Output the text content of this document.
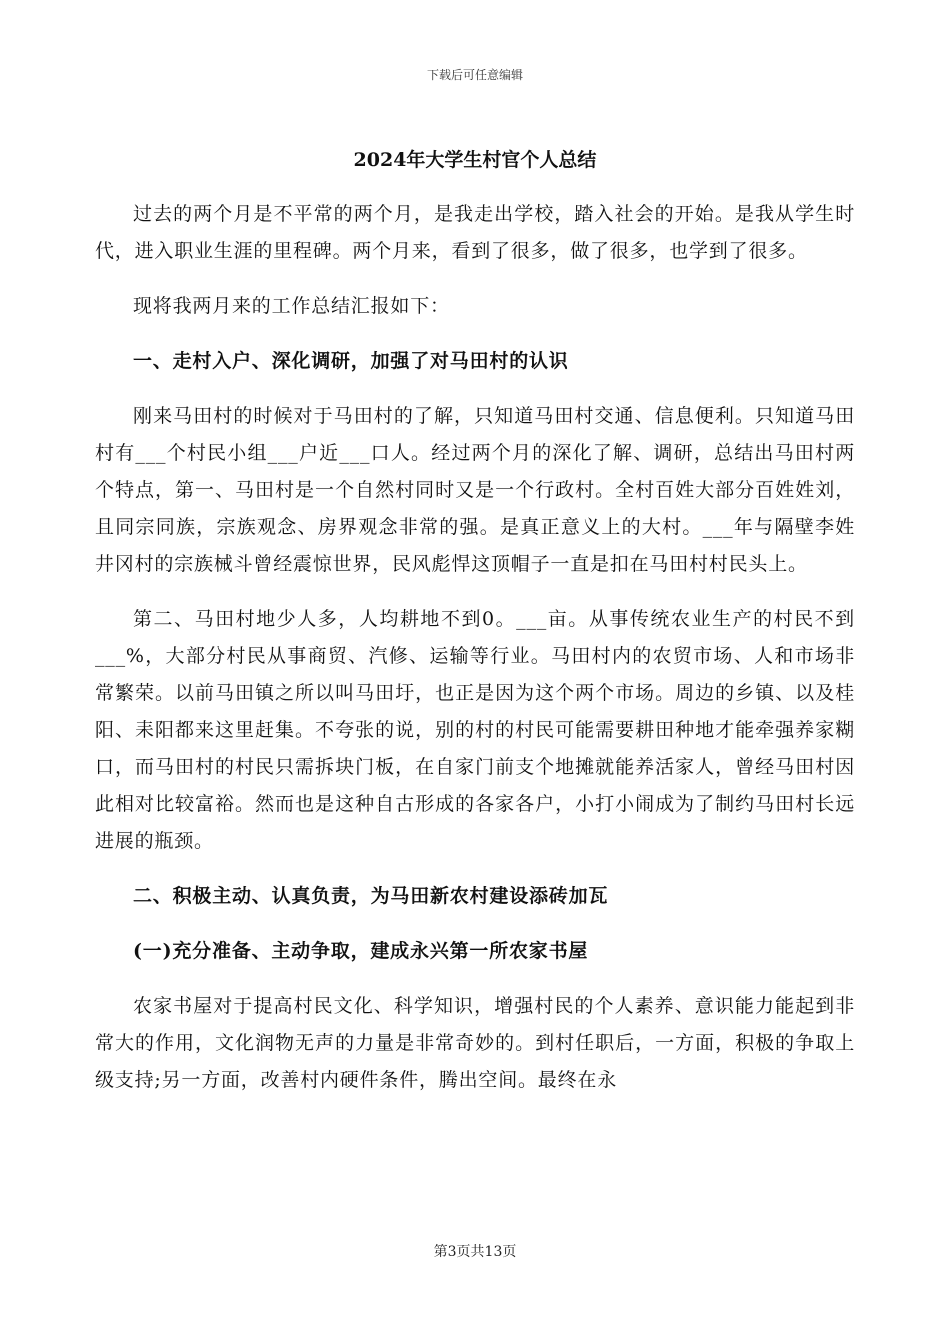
下载后可任意编辑
2024年大学生村官个人总结

过去的两个月是不平常的两个月，是我走出学校，踏入社会的开始。是我从学生时代，进入职业生涯的里程碑。两个月来，看到了很多，做了很多，也学到了很多。

现将我两月来的工作总结汇报如下：

一、走村入户、深化调研，加强了对马田村的认识

刚来马田村的时候对于马田村的了解，只知道马田村交通、信息便利。只知道马田村有___个村民小组___户近___口人。经过两个月的深化了解、调研，总结出马田村两个特点，第一、马田村是一个自然村同时又是一个行政村。全村百姓大部分百姓姓刘，且同宗同族，宗族观念、房界观念非常的强。是真正意义上的大村。___年与隔壁李姓井冈村的宗族械斗曾经震惊世界，民风彪悍这顶帽子一直是扣在马田村村民头上。

第二、马田村地少人多，人均耕地不到0。___亩。从事传统农业生产的村民不到___%，大部分村民从事商贸、汽修、运输等行业。马田村内的农贸市场、人和市场非常繁荣。以前马田镇之所以叫马田圩，也正是因为这个两个市场。周边的乡镇、以及桂阳、耒阳都来这里赶集。不夸张的说，别的村的村民可能需要耕田种地才能牵强养家糊口，而马田村的村民只需拆块门板，在自家门前支个地摊就能养活家人，曾经马田村因此相对比较富裕。然而也是这种自古形成的各家各户，小打小闹成为了制约马田村长远进展的瓶颈。

二、积极主动、认真负责，为马田新农村建设添砖加瓦

(一)充分准备、主动争取，建成永兴第一所农家书屋

农家书屋对于提高村民文化、科学知识，增强村民的个人素养、意识能力能起到非常大的作用，文化润物无声的力量是非常奇妙的。到村任职后，一方面，积极的争取上级支持;另一方面，改善村内硬件条件，腾出空间。最终在永

第3页共13页
